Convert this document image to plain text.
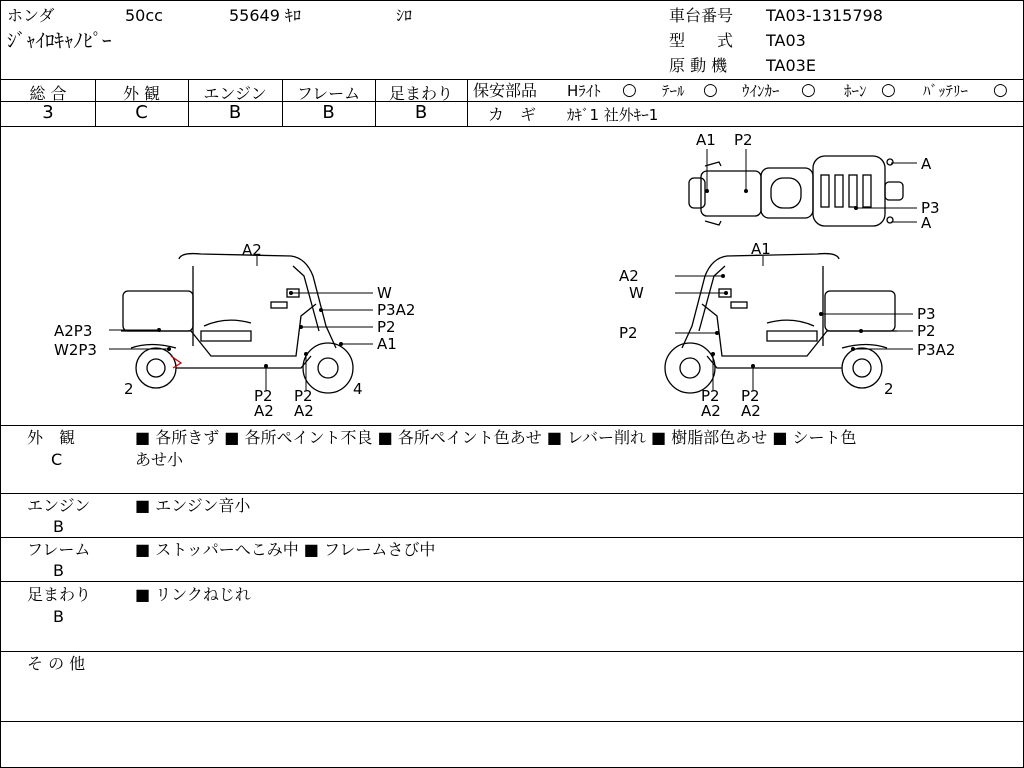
ホンダ	50cc	55649 ｷﾛ	ｼﾛ
ｼﾞｬｲﾛｷｬﾉﾋﾟｰ
車台番号 TA03-1315798
型　　式 TA03
原 動 機 TA03E
総 合	外 観	エンジン	フレーム	足まわり
3	C	B	B	B
保安部品 Hﾗｲﾄ ○ ﾃｰﾙ ○ ｳｲﾝｶｰ ○ ﾎｰﾝ ○ ﾊﾞｯﾃﾘｰ ○
カ　ギ ｶｷﾞ1 社外ｷｰ1
A1 P2
A
P3
A
A2
W
P3A2
A2P3	P2
W2P3	A1
2	P2
A2
P2
A2
4
A1
A2
W
P3
P2
P2
P3A2
P2
A2
P2
A2
2
外　観
C
■ 各所きず ■ 各所ペイント不良 ■ 各所ペイント色あせ ■ レバー削れ ■ 樹脂部色あせ ■ シート色
あせ小
エンジン
B
■ エンジン音小
フレーム
B
■ ストッパーへこみ中 ■ フレームさび中
足まわり
B
■ リンクねじれ
そ の 他
